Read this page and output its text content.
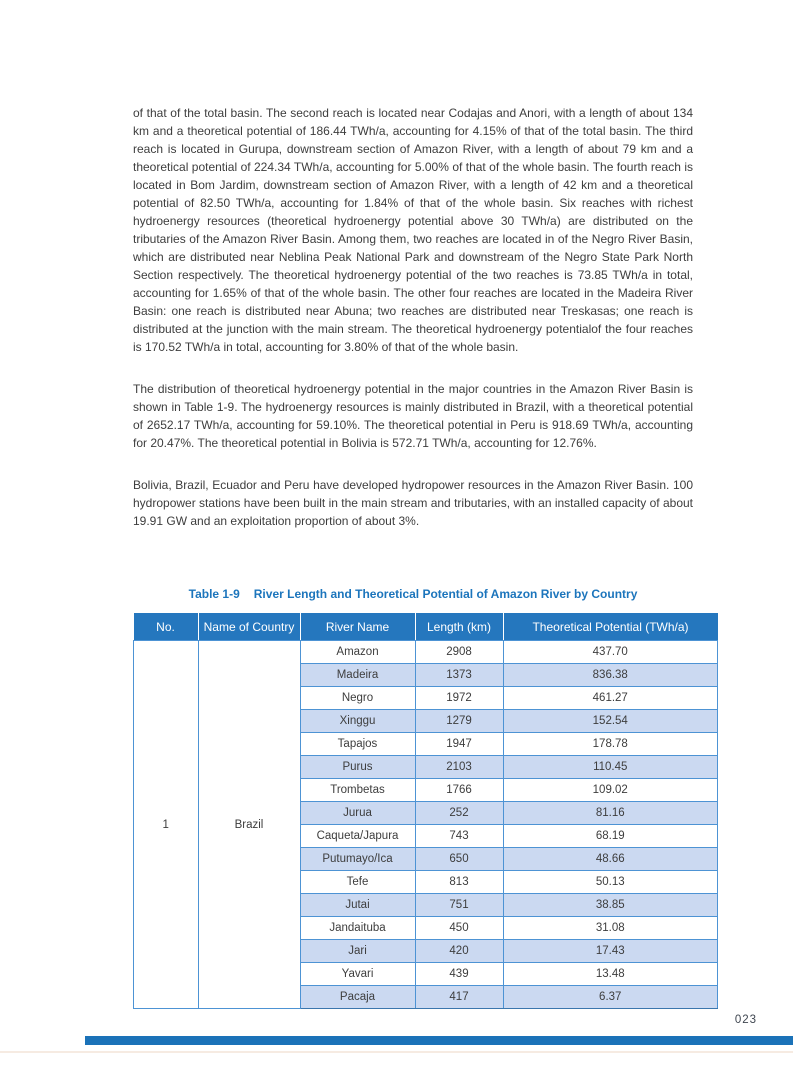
of that of the total basin. The second reach is located near Codajas and Anori, with a length of about 134 km and a theoretical potential of 186.44 TWh/a, accounting for 4.15% of that of the total basin. The third reach is located in Gurupa, downstream section of Amazon River, with a length of about 79 km and a theoretical potential of 224.34 TWh/a, accounting for 5.00% of that of the whole basin. The fourth reach is located in Bom Jardim, downstream section of Amazon River, with a length of 42 km and a theoretical potential of 82.50 TWh/a, accounting for 1.84% of that of the whole basin. Six reaches with richest hydroenergy resources (theoretical hydroenergy potential above 30 TWh/a) are distributed on the tributaries of the Amazon River Basin. Among them, two reaches are located in of the Negro River Basin, which are distributed near Neblina Peak National Park and downstream of the Negro State Park North Section respectively. The theoretical hydroenergy potential of the two reaches is 73.85 TWh/a in total, accounting for 1.65% of that of the whole basin. The other four reaches are located in the Madeira River Basin: one reach is distributed near Abuna; two reaches are distributed near Treskasas; one reach is distributed at the junction with the main stream. The theoretical hydroenergy potentialof the four reaches is 170.52 TWh/a in total, accounting for 3.80% of that of the whole basin.

The distribution of theoretical hydroenergy potential in the major countries in the Amazon River Basin is shown in Table 1-9. The hydroenergy resources is mainly distributed in Brazil, with a theoretical potential of 2652.17 TWh/a, accounting for 59.10%. The theoretical potential in Peru is 918.69 TWh/a, accounting for 20.47%. The theoretical potential in Bolivia is 572.71 TWh/a, accounting for 12.76%.

Bolivia, Brazil, Ecuador and Peru have developed hydropower resources in the Amazon River Basin. 100 hydropower stations have been built in the main stream and tributaries, with an installed capacity of about 19.91 GW and an exploitation proportion of about 3%.

Table 1-9 River Length and Theoretical Potential of Amazon River by Country
No.	Name of Country	River Name	Length (km)	Theoretical Potential (TWh/a)
1	Brazil	Amazon	2908	437.70
		Madeira	1373	836.38
		Negro	1972	461.27
		Xinggu	1279	152.54
		Tapajos	1947	178.78
		Purus	2103	110.45
		Trombetas	1766	109.02
		Jurua	252	81.16
		Caqueta/Japura	743	68.19
		Putumayo/Ica	650	48.66
		Tefe	813	50.13
		Jutai	751	38.85
		Jandaituba	450	31.08
		Jari	420	17.43
		Yavari	439	13.48
		Pacaja	417	6.37
023
